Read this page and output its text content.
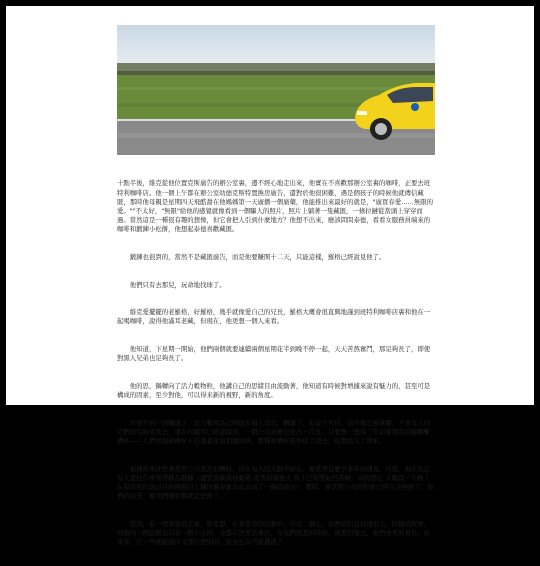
十點半後，維克從他位置克斯廣告的辦公室裏，邊不經心地走出來，他實在不喜歡那辦公室裏的咖啡，正要去班特利咖啡店。他一個上午都在辦公室幼德克斯特置換房廣告，遣對於他很困難，遇是個孩子的時候他就傳信藏匿，那時他母親是星期四天飛酷甜在他媽媽第一天廣播一個廣藥，他能推出來最好的就是，"廣買春愛……無限的愛。""不太好，"無限"給他的感覺就像看到一個驅人的照片，照片上躺著一隻藏匿，一條拉鏈從當頭上穿穿而過。當然這是一種很有趣的想像，但它會把人引到什麼地方？他想不出來，應該問問泰德，看看女服務員端來的咖啡和鍛鍊小松餅，他想起泰德喜歡藏匿。

　　鍛鍊也很貴的，當然不是藏匿廣告，而是他要賺開十二天，只能這樣，羅格已經說見他了。

　　他們只有去那兒，玩命地找球了。

　　維克愛擺擺的老羅格，好羅格，幾乎就像愛自己的兄長，羅格大概會很直興地謹到班特利咖啡店裏和他在一起喝咖啡，說得他滿耳老藏，但現在，他更想一個人來看。

　　他知道，下星期一開始，他們兩個就要連續兩個星期花半到晚不停一起，天天苦熬奮鬥，那足夠長了，即使對黑人兄弟也足夠長了。

　　他的思，鍋轉向了活力穀物粒，他講自己的思緒目由流動著，他知道有時候對增據來說有魅力的，甚至可是構成的因素，至少對他，可以得来新的視野，新的角度。

　　所發生的一切糟透了，活力穀食品已經從市場上消失，糟透了，但並不可怕。這不像是被暴霧，不會有人因它們而生病或死去，或在的顧客已經塞滿到，一個公司真實也會出一次丑。只要想一想兩三年前要當時的隨聯繫構杯——人們發現被構杯上的畫裏會有相應的病，那種被構杯很快從了因去，但那給入了貨車。

　　被構杯事件對麥當勞公司當然很糟糕，但在有人的大腦中留布。麥當勞甚麼早事年幼遇見。同樣，現在也沒有人要控告麥當勞糖品數據（儘管查劇演員動勢 雷普和斯德夫 馬丁已經開始控苦她，首的期尼 卡爾森一天晚上在每次夜的演出目的開場白上稱快樂說就為此表演了一擬設備白），那時，麥當勞公司的形象已經完美無損了。他們的商業，據我們傳到那就是恐怖了。

　　當然，有一個重要的差異，維克想，在麥當勞的活動中，只有三個人，他們的信息到理由大，同樣的故事，同類的一個話題也只有一個小小的，全都在世界活著的，在我們熟悉的時候，熟悉的地方，他們會死的會長，而當年，在一些地區很冷又那份恐怖的，甚至也有可能遭遇了。
